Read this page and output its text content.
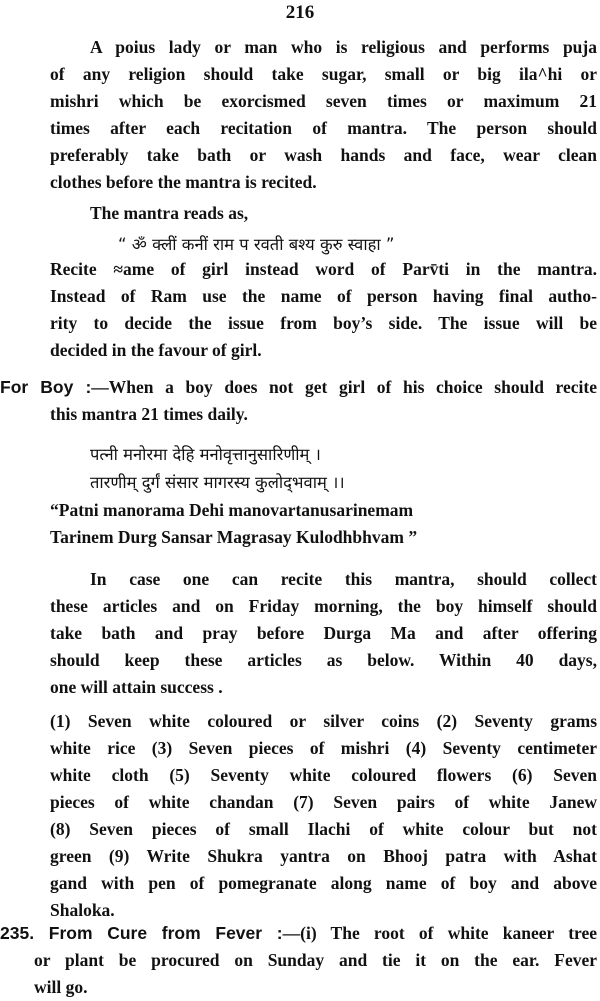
216
A poius lady or man who is religious and performs puja
of any religion should take sugar, small or big ila^hi or
mishri which be exorcismed seven times or maximum 21
times after each recitation of mantra. The person should
preferably take bath or wash hands and face, wear clean
clothes before the mantra is recited.
The mantra reads as,
“ ॐ क्लीं कनीं राम प रवती बश्य कुरु स्वाहा ”
Recite ≈ame of girl instead word of Parv̄ti in the mantra.
Instead of Ram use the name of person having final autho-
rity to decide the issue from boy’s side. The issue will be
decided in the favour of girl.
For Boy :—When a boy does not get girl of his choice should recite
this mantra 21 times daily.
पत्नी मनोरमा देहि मनोवृत्तानुसारिणीम् ।
तारणीम् दुर्गं संसार मागरस्य कुलोद्‍भवाम् ।।
“Patni manorama Dehi manovartanusarinemam
Tarinem Durg Sansar Magrasay Kulodhbhvam ”
In case one can recite this mantra, should collect
these articles and on Friday morning, the boy himself should
take bath and pray before Durga Ma and after offering
should keep these articles as below. Within 40 days,
one will attain success .
(1) Seven white coloured or silver coins (2) Seventy grams
white rice (3) Seven pieces of mishri (4) Seventy centimeter
white cloth (5) Seventy white coloured flowers (6) Seven
pieces of white chandan (7) Seven pairs of white Janew
(8) Seven pieces of small Ilachi of white colour but not
green (9) Write Shukra yantra on Bhooj patra with Ashat
gand with pen of pomegranate along name of boy and above
Shaloka.
235. From Cure from Fever :—(i) The root of white kaneer tree
or plant be procured on Sunday and tie it on the ear. Fever
will go.
